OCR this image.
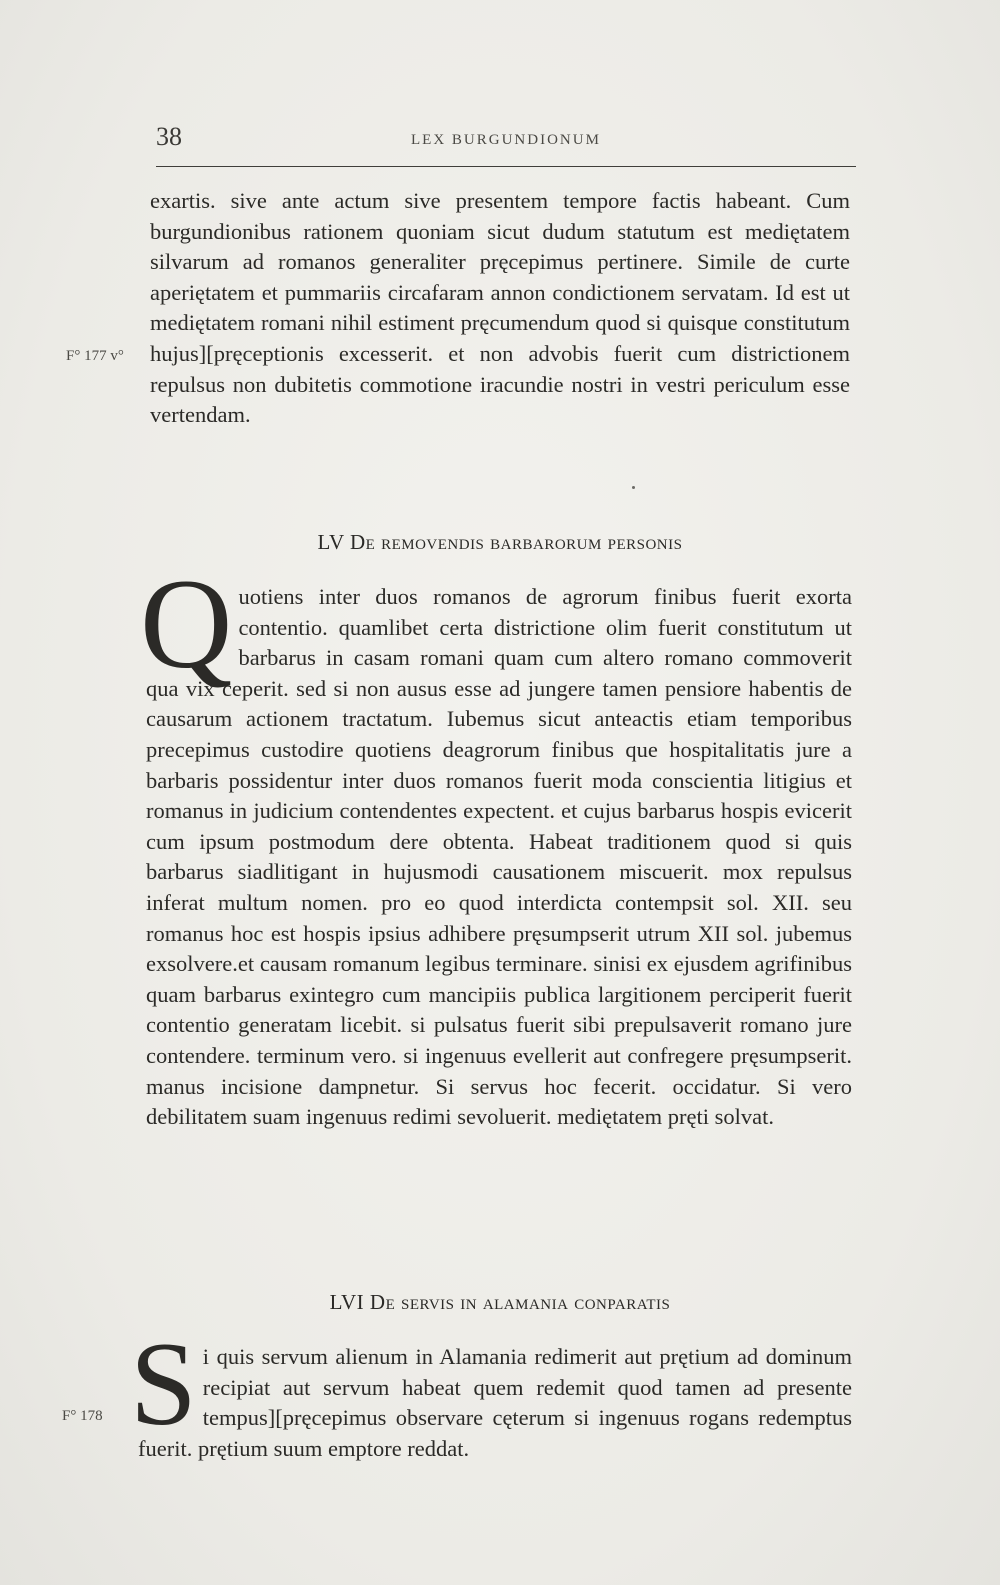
38	LEX BURGUNDIONUM

exartis. sive ante actum sive presentem tempore factis habeant. Cum burgundionibus rationem quoniam sicut dudum statutum est mediętatem silvarum ad romanos generaliter pręcepimus pertinere. Simile de curte aperiętatem et pummariis circafaram annon condictionem servatam. Id est ut mediętatem romani nihil estiment pręcumendum quod si quisque constitutum hujus][pręceptionis excesserit. et non advobis fuerit cum districtionem repulsus non dubitetis commotione iracundie nostri in vestri periculum esse vertendam.

F° 177 v°
LV De removendis barbarorum personis

Quotiens inter duos romanos de agrorum finibus fuerit exorta contentio. quamlibet certa districtione olim fuerit constitutum ut barbarus in casam romani quam cum altero romano commoverit qua vix ceperit. sed si non ausus esse ad jungere tamen pensiore habentis de causarum actionem tractatum. Iubemus sicut anteactis etiam temporibus precepimus custodire quotiens deagrorum finibus que hospitalitatis jure a barbaris possidentur inter duos romanos fuerit moda conscientia litigius et romanus in judicium contendentes expectent. et cujus barbarus hospis evicerit cum ipsum postmodum dere obtenta. Habeat traditionem quod si quis barbarus siadlitigant in hujusmodi causationem miscuerit. mox repulsus inferat multum nomen. pro eo quod interdicta contempsit sol. XII. seu romanus hoc est hospis ipsius adhibere pręsumpserit utrum XII sol. jubemus exsolvere.et causam romanum legibus terminare. sinisi ex ejusdem agrifinibus quam barbarus exintegro cum mancipiis publica largitionem perciperit fuerit contentio generatam licebit. si pulsatus fuerit sibi prepulsaverit romano jure contendere. terminum vero. si ingenuus evellerit aut confregere pręsumpserit. manus incisione dampnetur. Si servus hoc fecerit. occidatur. Si vero debilitatem suam ingenuus redimi sevoluerit. mediętatem pręti solvat.

LVI De servis in alamania conparatis
F° 178 Si quis servum alienum in Alamania redimerit aut prętium ad dominum recipiat aut servum habeat quem redemit quod tamen ad presente tempus][pręcepimus observare cęterum si ingenuus rogans redemptus fuerit. prętium suum emptore reddat.
